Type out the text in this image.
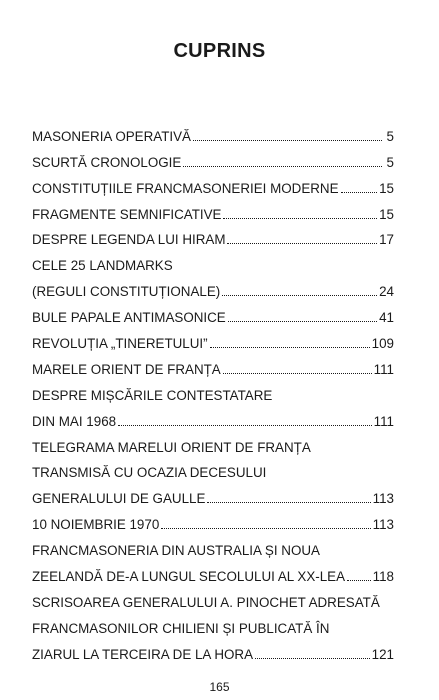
CUPRINS
MASONERIA OPERATIVĂ	5
SCURTĂ CRONOLOGIE	5
CONSTITUȚIILE FRANCMASONERIEI MODERNE	15
FRAGMENTE SEMNIFICATIVE	15
DESPRE LEGENDA LUI HIRAM	17
CELE 25 LANDMARKS
(REGULI CONSTITUȚIONALE)	24
BULE PAPALE ANTIMASONICE	41
REVOLUȚIA „TINERETULUI”	109
MARELE ORIENT DE FRANȚA	111
DESPRE MIȘCĂRILE CONTESTATARE
DIN MAI 1968	111
TELEGRAMA MARELUI ORIENT DE FRANȚA
TRANSMISĂ CU OCAZIA DECESULUI
GENERALULUI DE GAULLE	113
10 NOIEMBRIE 1970	113
FRANCMASONERIA DIN AUSTRALIA ȘI NOUA
ZEELANDĂ DE-A LUNGUL SECOLULUI AL XX-LEA 118
SCRISOAREA GENERALULUI A. PINOCHET ADRESATĂ
FRANCMASONILOR CHILIENI ȘI PUBLICATĂ ÎN
ZIARUL LA TERCEIRA DE LA HORA	121
165
